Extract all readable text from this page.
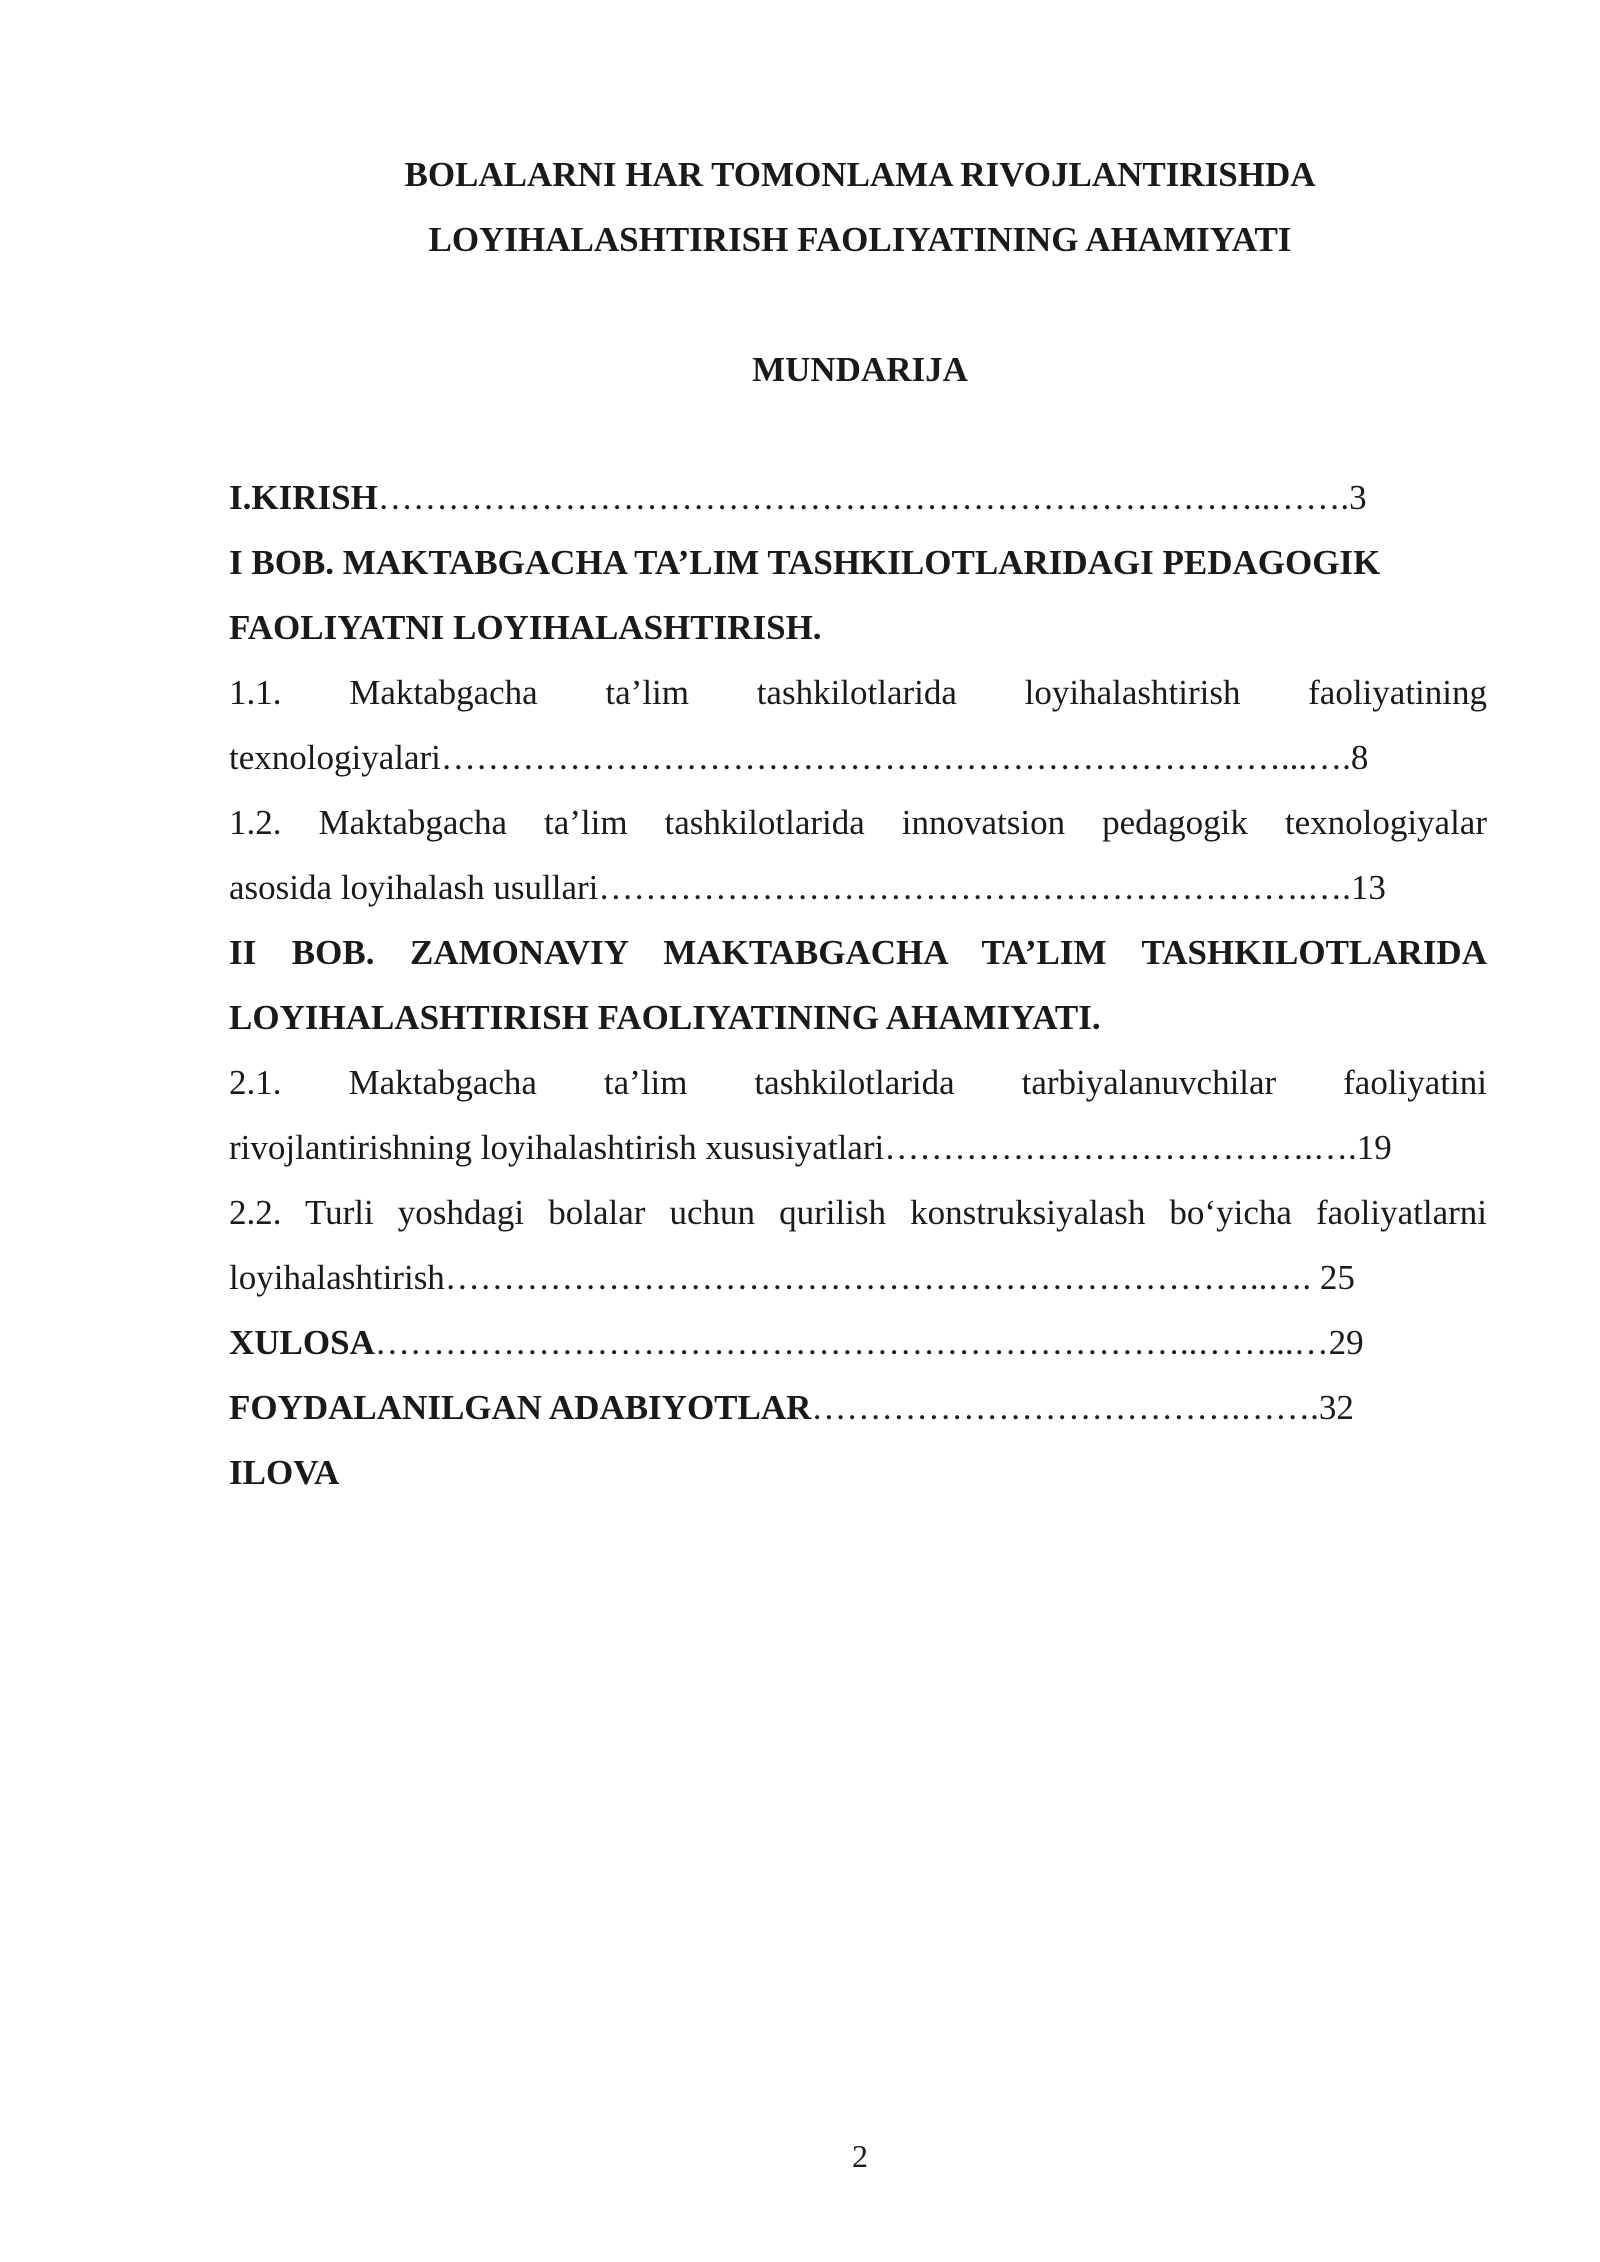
BOLALARNI HAR TOMONLAMA RIVOJLANTIRISHDA
LOYIHALASHTIRISH FAOLIYATINING AHAMIYATI
MUNDARIJA
I.KIRISH…………………………………………………………………..…….3
I BOB. MAKTABGACHA TA’LIM TASHKILOTLARIDAGI PEDAGOGIK
FAOLIYATNI LOYIHALASHTIRISH.
1.1. Maktabgacha ta’lim tashkilotlarida loyihalashtirish faoliyatining
texnologiyalari………………………………………………………………...….8
1.2. Maktabgacha ta’lim tashkilotlarida innovatsion pedagogik texnologiyalar
asosida loyihalash usullari…………………………………………………….….13
II BOB. ZAMONAVIY MAKTABGACHA TA’LIM TASHKILOTLARIDA
LOYIHALASHTIRISH FAOLIYATINING AHAMIYATI.
2.1. Maktabgacha ta’lim tashkilotlarida tarbiyalanuvchilar faoliyatini
rivojlantirishning loyihalashtirish xususiyatlari……………………………….….19
2.2. Turli yoshdagi bolalar uchun qurilish konstruksiyalash bo‘yicha faoliyatlarni
loyihalashtirish……………………………………………………………..…. 25
XULOSA……………………………………………………………..……...…29
FOYDALANILGAN ADABIYOTLAR……………………………….…….32
ILOVA
2
